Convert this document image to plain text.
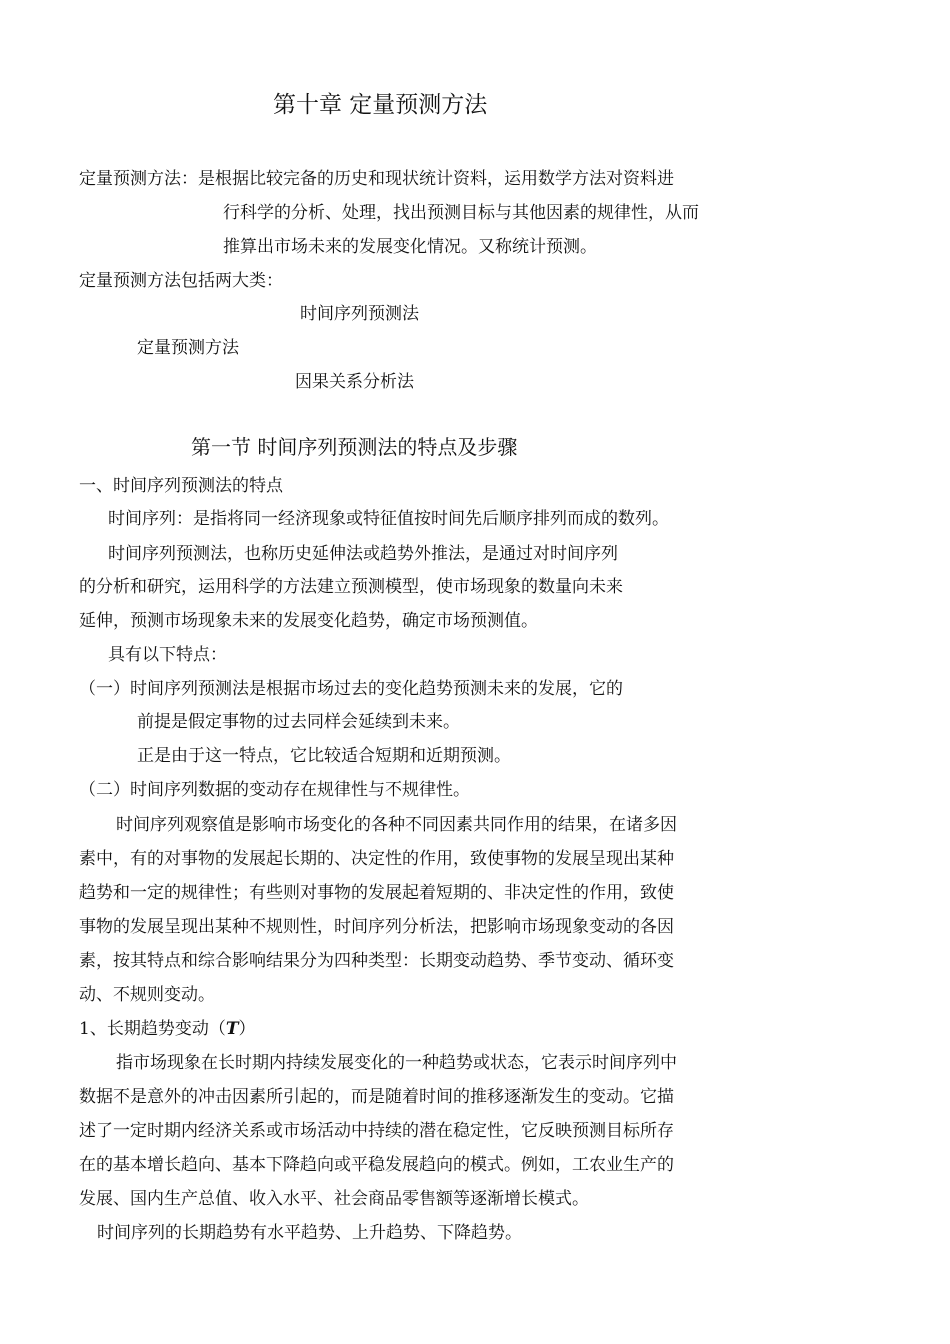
第十章 定量预测方法
定量预测方法：是根据比较完备的历史和现状统计资料，运用数学方法对资料进
行科学的分析、处理，找出预测目标与其他因素的规律性，从而
推算出市场未来的发展变化情况。又称统计预测。
定量预测方法包括两大类：
时间序列预测法
定量预测方法
因果关系分析法
第一节 时间序列预测法的特点及步骤
一、时间序列预测法的特点
时间序列：是指将同一经济现象或特征值按时间先后顺序排列而成的数列。
时间序列预测法，也称历史延伸法或趋势外推法，是通过对时间序列
的分析和研究，运用科学的方法建立预测模型，使市场现象的数量向未来
延伸，预测市场现象未来的发展变化趋势，确定市场预测值。
具有以下特点：
（一）时间序列预测法是根据市场过去的变化趋势预测未来的发展，它的
前提是假定事物的过去同样会延续到未来。
正是由于这一特点，它比较适合短期和近期预测。
（二）时间序列数据的变动存在规律性与不规律性。
时间序列观察值是影响市场变化的各种不同因素共同作用的结果，在诸多因
素中，有的对事物的发展起长期的、决定性的作用，致使事物的发展呈现出某种
趋势和一定的规律性；有些则对事物的发展起着短期的、非决定性的作用，致使
事物的发展呈现出某种不规则性，时间序列分析法，把影响市场现象变动的各因
素，按其特点和综合影响结果分为四种类型：长期变动趋势、季节变动、循环变
动、不规则变动。
1、长期趋势变动（T）
指市场现象在长时期内持续发展变化的一种趋势或状态，它表示时间序列中
数据不是意外的冲击因素所引起的，而是随着时间的推移逐渐发生的变动。它描
述了一定时期内经济关系或市场活动中持续的潜在稳定性，它反映预测目标所存
在的基本增长趋向、基本下降趋向或平稳发展趋向的模式。例如，工农业生产的
发展、国内生产总值、收入水平、社会商品零售额等逐渐增长模式。
时间序列的长期趋势有水平趋势、上升趋势、下降趋势。
